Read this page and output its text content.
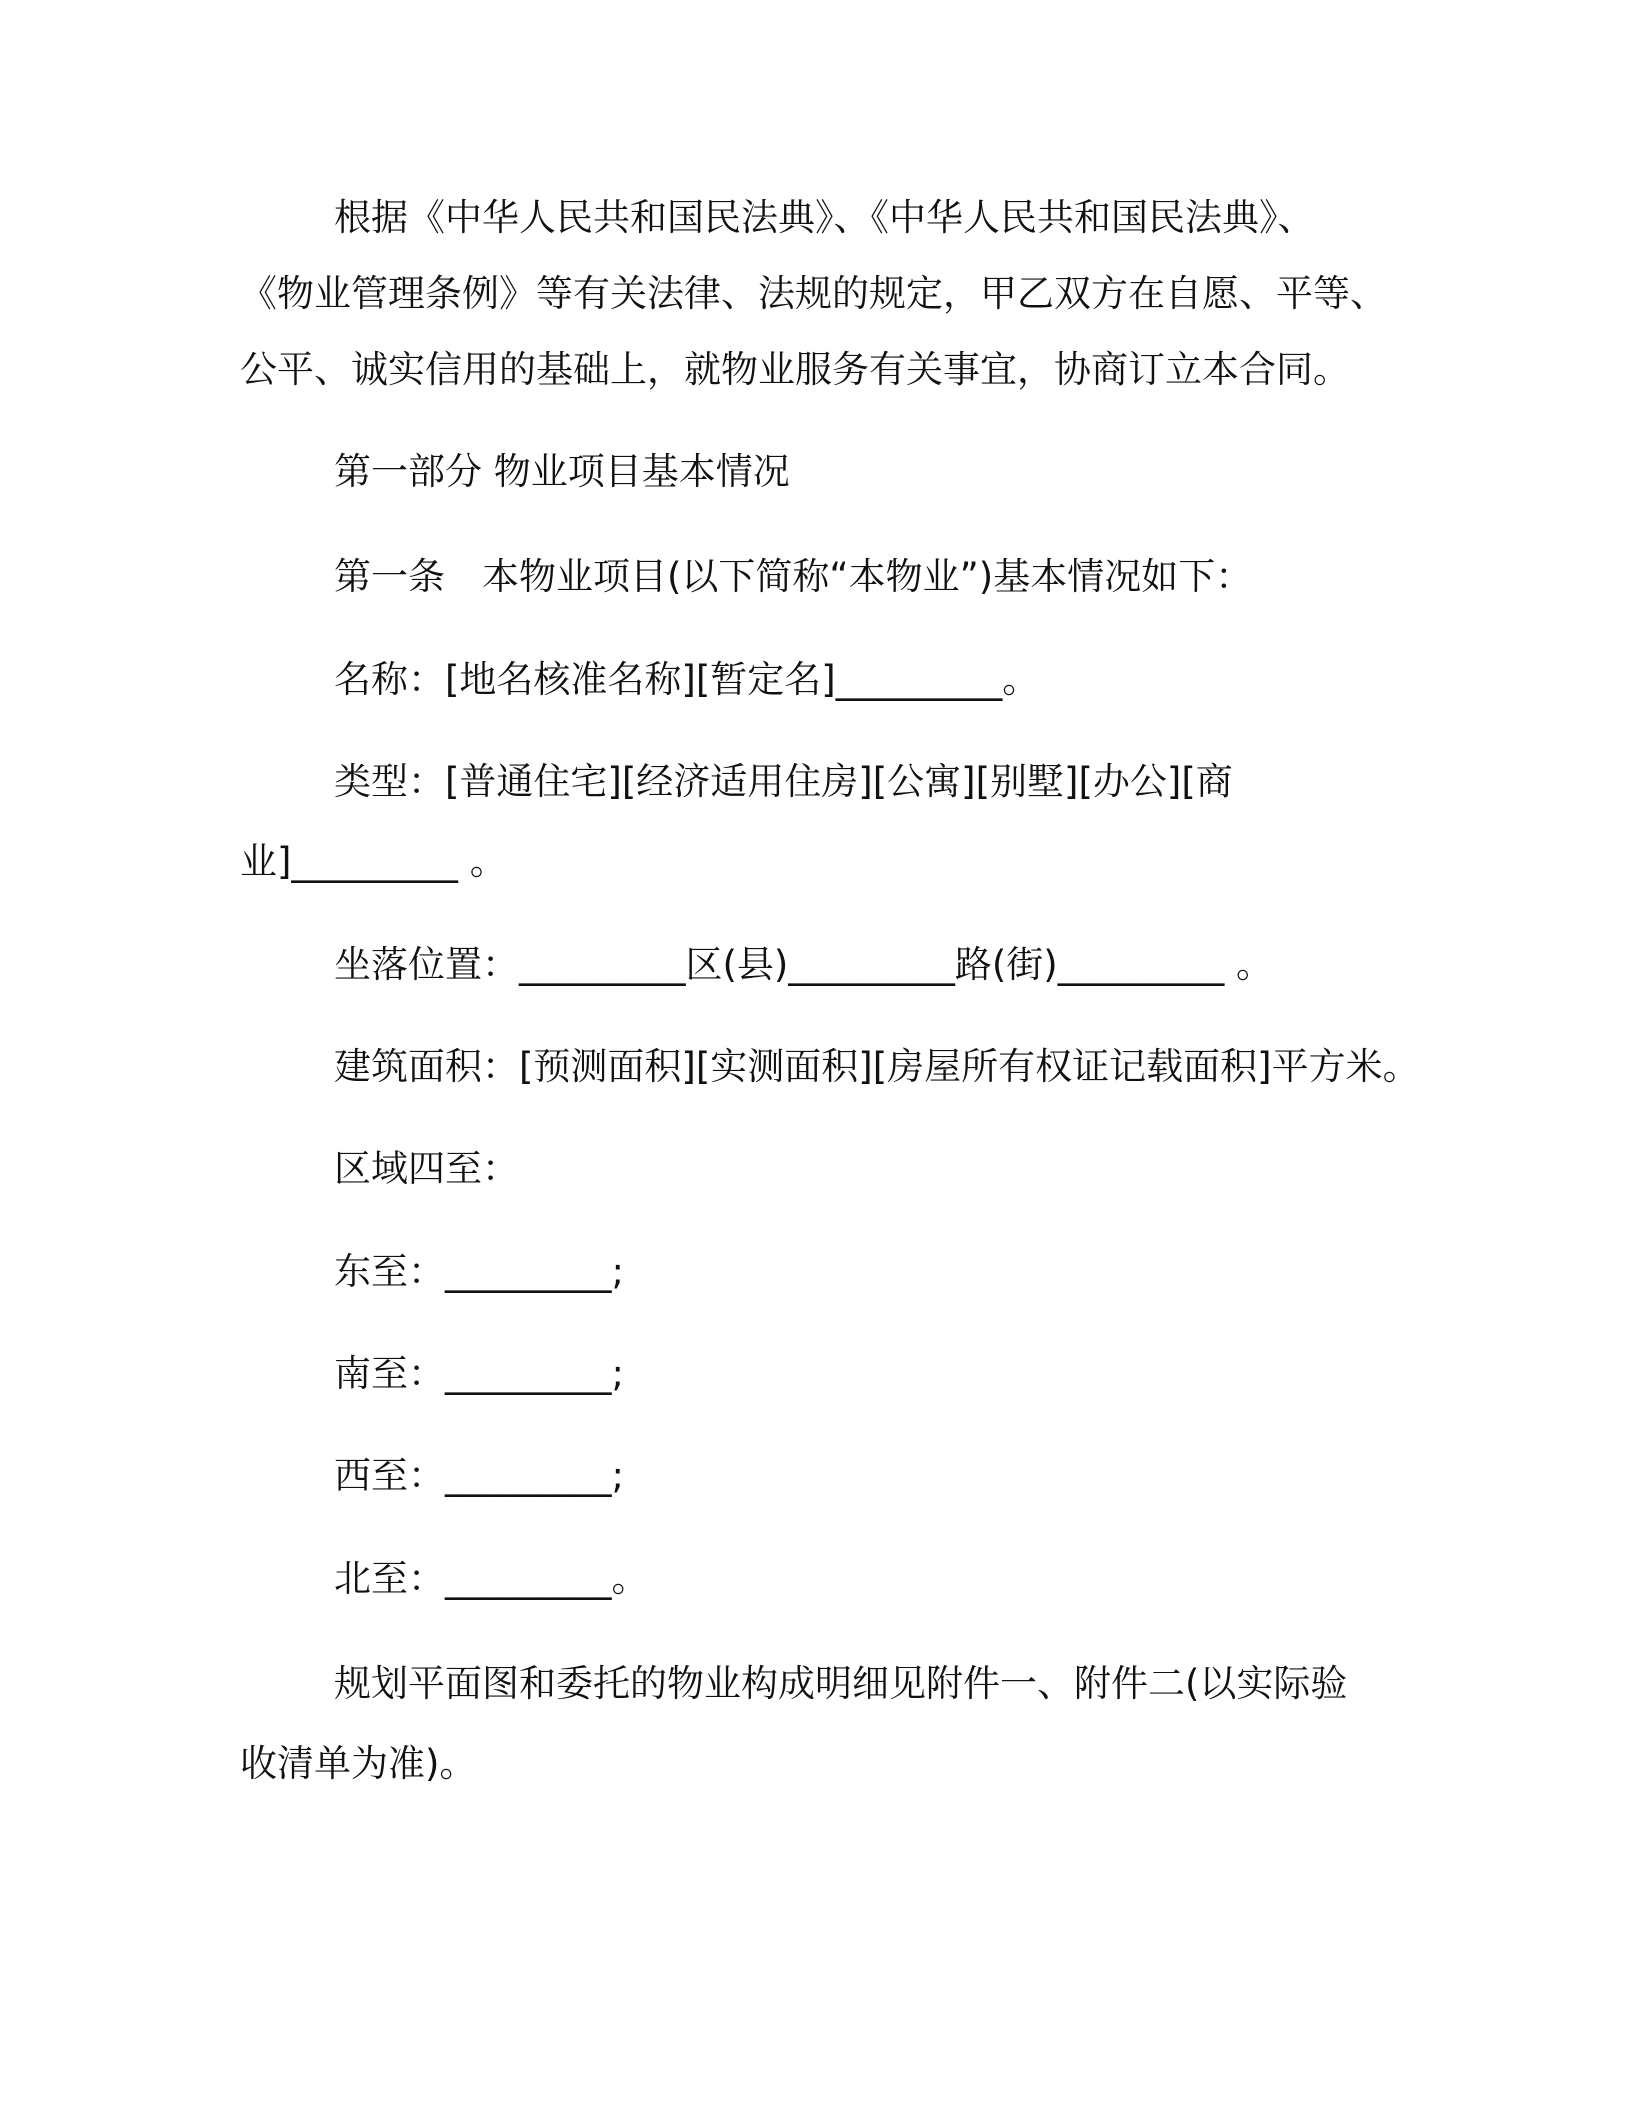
根据《中华人民共和国民法典》、《中华人民共和国民法典》、
《物业管理条例》等有关法律、法规的规定，甲乙双方在自愿、平等、
公平、诚实信用的基础上，就物业服务有关事宜，协商订立本合同。
第一部分 物业项目基本情况
第一条　本物业项目(以下简称“本物业”)基本情况如下：
名称：[地名核准名称][暂定名]_________。
类型：[普通住宅][经济适用住房][公寓][别墅][办公][商
业]_________ 。
坐落位置：_________区(县)_________路(街)_________ 。
建筑面积：[预测面积][实测面积][房屋所有权证记载面积]平方米。
区域四至：
东至：_________;
南至：_________;
西至：_________;
北至：_________。
规划平面图和委托的物业构成明细见附件一、附件二(以实际验
收清单为准)。
